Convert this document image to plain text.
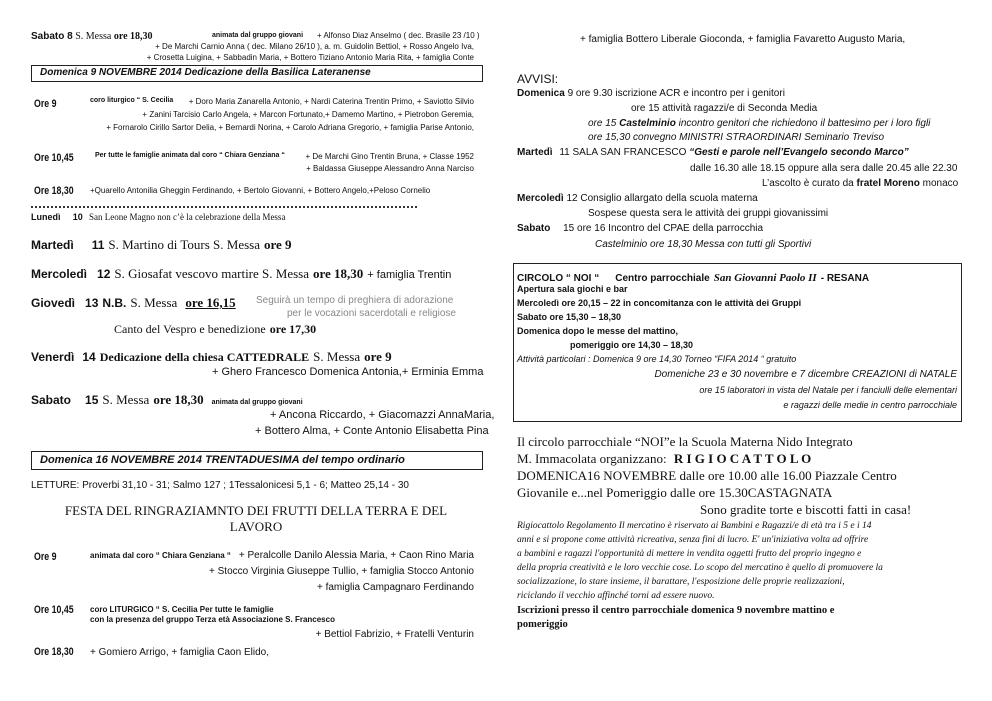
Sabato 8 S. Messa ore 18,30	animata dal gruppo giovani + Alfonso Diaz Anselmo ( dec. Brasile 23 /10 )
+ De Marchi Carnio Anna ( dec. Milano 26/10 ), a. m. Guidolin Bettiol, + Rosso Angelo Iva,
+ Crosetta Luigina, + Sabbadin Maria, + Bottero Tiziano Antonio Maria Rita, + famiglia Conte
Domenica 9 NOVEMBRE 2014 Dedicazione della Basilica Lateranense
Ore 9	coro liturgico “ S. Cecilia + Doro Maria Zanarella Antonio, + Nardi Caterina Trentin Primo, + Saviotto Silvio
+ Zanini Tarcisio Carlo Angela, + Marcon Fortunato,+ Damemo Martino, + Pietrobon Geremia,
+ Fornarolo Cirillo Sartor Delia, + Bernardi Norina, + Carolo Adriana Gregorio, + famiglia Parise Antonio,
Ore 10,45	Per tutte le famiglie animata dal coro “ Chiara Genziana “	+ De Marchi Gino Trentin Bruna, + Classe 1952
+ Baldassa Giuseppe Alessandro Anna Narciso
Ore 18,30 +Quarello Antonilia Gheggin Ferdinando, + Bertolo Giovanni, + Bottero Angelo,+Peloso Cornelio
Lunedì 10 San Leone Magno non c’è la celebrazione della Messa
Martedì 11 S. Martino di Tours S. Messa ore 9
Mercoledì 12 S. Giosafat vescovo martire S. Messa ore 18,30 + famiglia Trentin
Giovedì 13 N.B. S. Messa ore 16,15 Seguirà un tempo di preghiera di adorazione
per le vocazioni sacerdotali e religiose
Canto del Vespro e benedizione ore 17,30
Venerdì 14 Dedicazione della chiesa CATTEDRALE S. Messa ore 9
+ Ghero Francesco Domenica Antonia,+ Erminia Emma
Sabato 15 S. Messa ore 18,30 animata dal gruppo giovani
+ Ancona Riccardo, + Giacomazzi AnnaMaria,
+ Bottero Alma, + Conte Antonio Elisabetta Pina
Domenica 16 NOVEMBRE 2014 TRENTADUESIMA del tempo ordinario
LETTURE: Proverbi 31,10 - 31; Salmo 127 ; 1Tessalonicesi 5,1 - 6; Matteo 25,14 - 30
FESTA DEL RINGRAZIAMNTO DEI FRUTTI DELLA TERRA E DEL
LAVORO
Ore 9	animata dal coro “ Chiara Genziana “ + Peralcolle Danilo Alessia Maria, + Caon Rino Maria
+ Stocco Virginia Giuseppe Tullio, + famiglia Stocco Antonio
+ famiglia Campagnaro Ferdinando
Ore 10,45 coro LITURGICO “ S. Cecilia Per tutte le famiglie
con la presenza del gruppo Terza età Associazione S. Francesco
+ Bettiol Fabrizio, + Fratelli Venturin
Ore 18,30 + Gomiero Arrigo, + famiglia Caon Elido,
+ famiglia Bottero Liberale Gioconda, + famiglia Favaretto Augusto Maria,
AVVISI:
Domenica 9 ore 9.30 iscrizione ACR e incontro per i genitori
ore 15 attività ragazzi/e di Seconda Media
ore 15 Castelminio incontro genitori che richiedono il battesimo per i loro figli
ore 15,30 convegno MINISTRI STRAORDINARI Seminario Treviso
Martedì 11 SALA SAN FRANCESCO “Gesti e parole nell’Evangelo secondo Marco”
dalle 16.30 alle 18.15 oppure alla sera dalle 20.45 alle 22.30
L’ascolto è curato da fratel Moreno monaco
Mercoledì 12 Consiglio allargato della scuola materna
Sospese questa sera le attività dei gruppi giovanissimi
Sabato 15 ore 16 Incontro del CPAE della parrocchia
Castelminio ore 18,30 Messa con tutti gli Sportivi
CIRCOLO “ NOI “ Centro parrocchiale San Giovanni Paolo II - RESANA
Apertura sala giochi e bar
Mercoledì ore 20,15 – 22 in concomitanza con le attività dei Gruppi
Sabato ore 15,30 – 18,30
Domenica dopo le messe del mattino,
pomeriggio ore 14,30 – 18,30
Attività particolari : Domenica 9 ore 14,30 Torneo “FIFA 2014 “ gratuito
Domeniche 23 e 30 novembre e 7 dicembre CREAZIONI di NATALE
ore 15 laboratori in vista del Natale per i fanciulli delle elementari
e ragazzi delle medie in centro parrocchiale
Il circolo parrocchiale “NOI”e la Scuola Materna Nido Integrato
M. Immacolata organizzano: R I G I O C A T T O L O
DOMENICA16 NOVEMBRE dalle ore 10.00 alle 16.00 Piazzale Centro
Giovanile e...nel Pomeriggio dalle ore 15.30CASTAGNATA
Sono gradite torte e biscotti fatti in casa!
Rigiocattolo Regolamento Il mercatino è riservato ai Bambini e Ragazzi/e di età tra i 5 e i 14
anni e si propone come attività ricreativa, senza fini di lucro. E' un'iniziativa volta ad offrire
a bambini e ragazzi l'opportunità di mettere in vendita oggetti frutto del proprio ingegno e
della propria creatività e le loro vecchie cose. Lo scopo del mercatino è quello di promuovere la
socializzazione, lo stare insieme, il barattare, l'esposizione delle proprie realizzazioni,
riciclando il vecchio affinché torni ad essere nuovo.
Iscrizioni presso il centro parrocchiale domenica 9 novembre mattino e
pomeriggio
